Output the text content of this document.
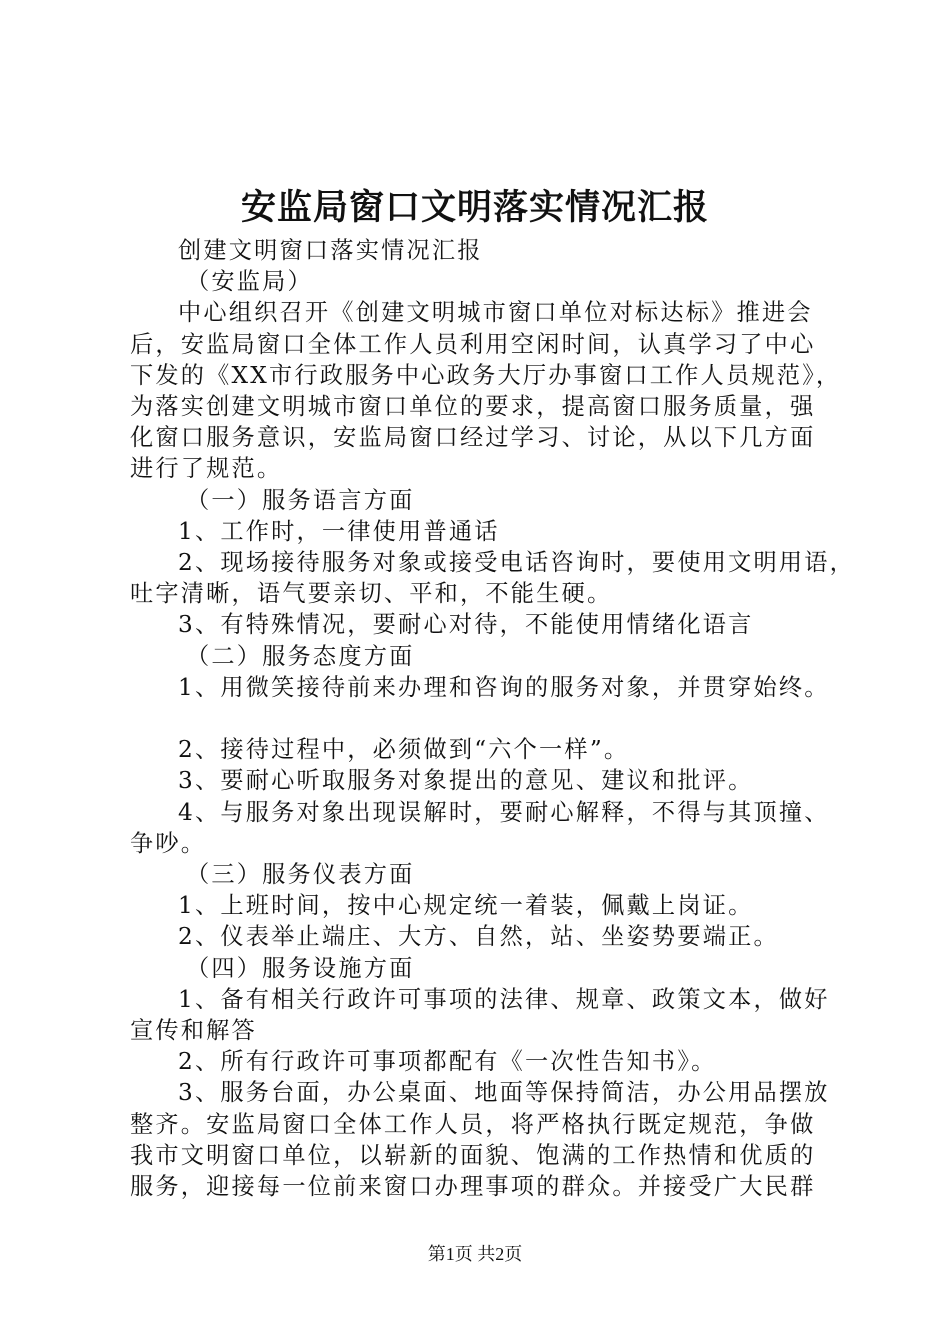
安监局窗口文明落实情况汇报
创建文明窗口落实情况汇报
（安监局）
中心组织召开《创建文明城市窗口单位对标达标》推进会
后，安监局窗口全体工作人员利用空闲时间，认真学习了中心
下发的《XX市行政服务中心政务大厅办事窗口工作人员规范》，
为落实创建文明城市窗口单位的要求，提高窗口服务质量，强
化窗口服务意识，安监局窗口经过学习、讨论，从以下几方面
进行了规范。
（一）服务语言方面
1、工作时，一律使用普通话
2、现场接待服务对象或接受电话咨询时，要使用文明用语，
吐字清晰，语气要亲切、平和，不能生硬。
3、有特殊情况，要耐心对待，不能使用情绪化语言
（二）服务态度方面
1、用微笑接待前来办理和咨询的服务对象，并贯穿始终。
2、接待过程中，必须做到“六个一样”。
3、要耐心听取服务对象提出的意见、建议和批评。
4、与服务对象出现误解时，要耐心解释，不得与其顶撞、
争吵。
（三）服务仪表方面
1、上班时间，按中心规定统一着装，佩戴上岗证。
2、仪表举止端庄、大方、自然，站、坐姿势要端正。
（四）服务设施方面
1、备有相关行政许可事项的法律、规章、政策文本，做好
宣传和解答
2、所有行政许可事项都配有《一次性告知书》。
3、服务台面，办公桌面、地面等保持简洁，办公用品摆放
整齐。安监局窗口全体工作人员，将严格执行既定规范，争做
我市文明窗口单位，以崭新的面貌、饱满的工作热情和优质的
服务，迎接每一位前来窗口办理事项的群众。并接受广大民群
第1页 共2页
